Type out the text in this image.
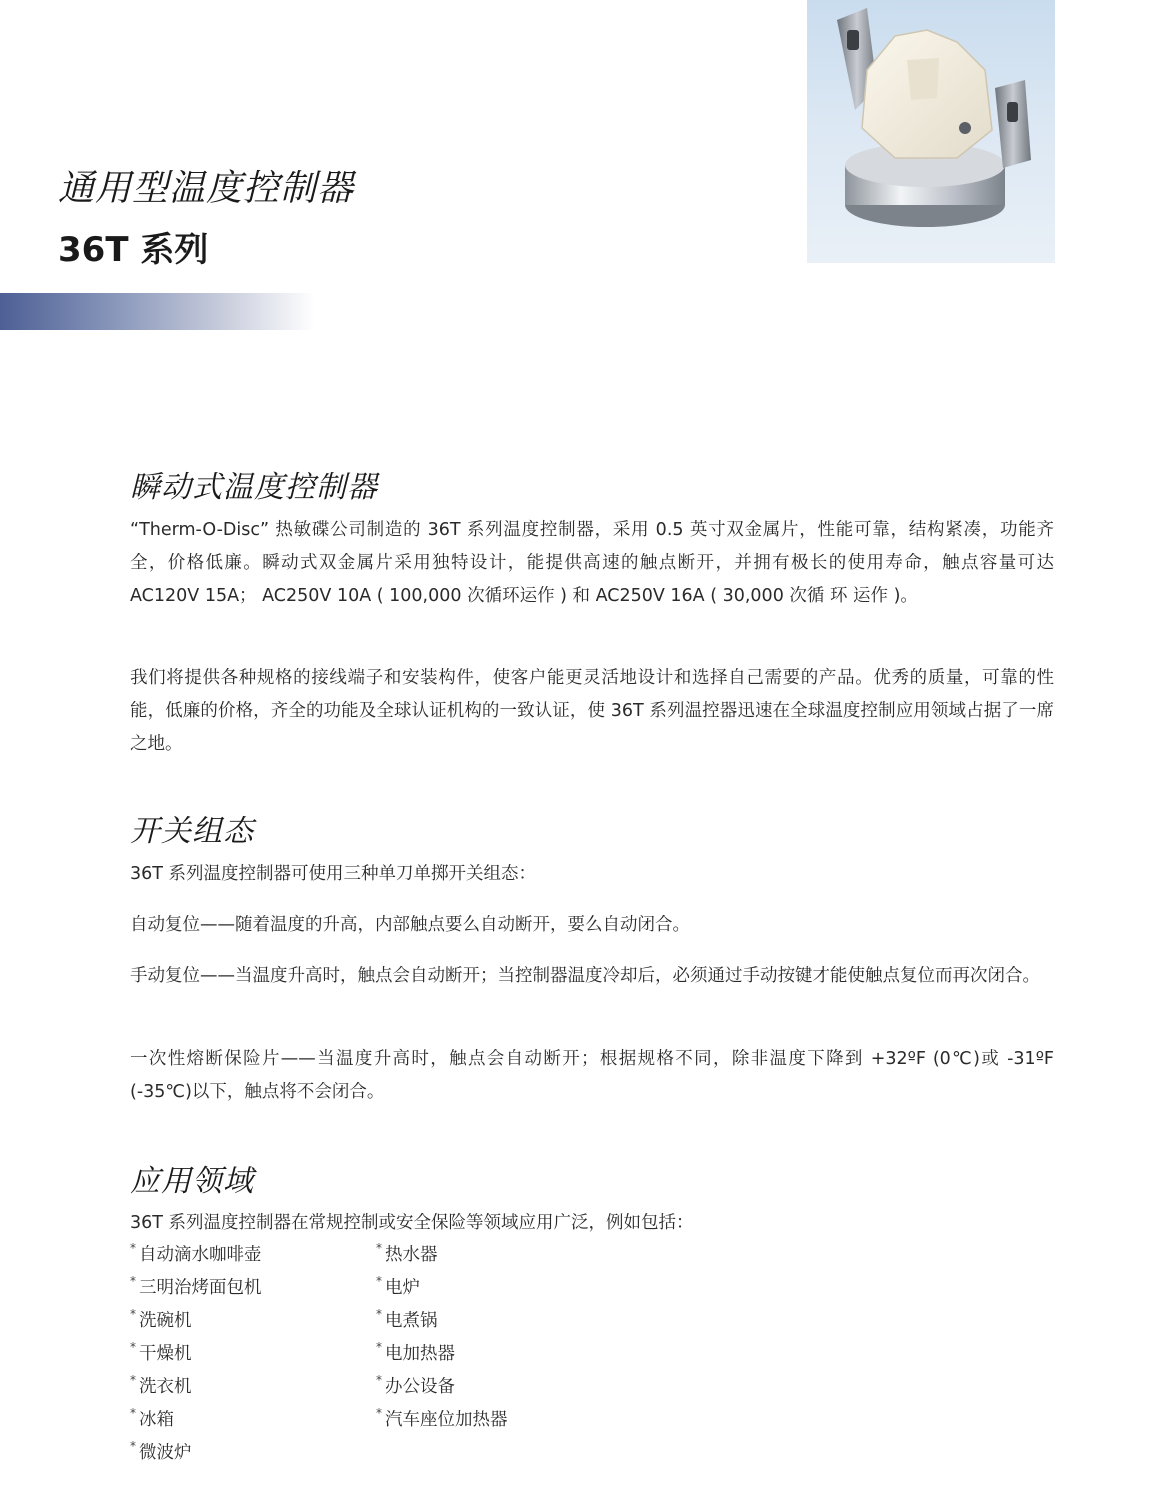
通用型温度控制器
36T 系列
瞬动式温度控制器

“Therm-O-Disc” 热敏碟公司制造的 36T 系列温度控制器，采用 0.5 英寸双金属片，性能可靠，结构紧凑，功能齐全，价格低廉。瞬动式双金属片采用独特设计，能提供高速的触点断开，并拥有极长的使用寿命，触点容量可达 AC120V 15A； AC250V 10A ( 100,000 次循环运作 ) 和 AC250V 16A ( 30,000 次循 环 运作 )。

我们将提供各种规格的接线端子和安装构件，使客户能更灵活地设计和选择自己需要的产品。优秀的质量，可靠的性能，低廉的价格，齐全的功能及全球认证机构的一致认证，使 36T 系列温控器迅速在全球温度控制应用领域占据了一席之地。

开关组态

36T 系列温度控制器可使用三种单刀单掷开关组态：

自动复位——随着温度的升高，内部触点要么自动断开，要么自动闭合。

手动复位——当温度升高时，触点会自动断开；当控制器温度冷却后，必须通过手动按键才能使触点复位而再次闭合。

一次性熔断保险片——当温度升高时，触点会自动断开；根据规格不同，除非温度下降到 +32ºF (0℃)或 -31ºF (-35℃)以下，触点将不会闭合。

应用领域

36T 系列温度控制器在常规控制或安全保险等领域应用广泛，例如包括：

* 自动滴水咖啡壶
* 三明治烤面包机
* 洗碗机
* 干燥机
* 洗衣机
* 冰箱
* 微波炉
* 热水器
* 电炉
* 电煮锅
* 电加热器
* 办公设备
* 汽车座位加热器
